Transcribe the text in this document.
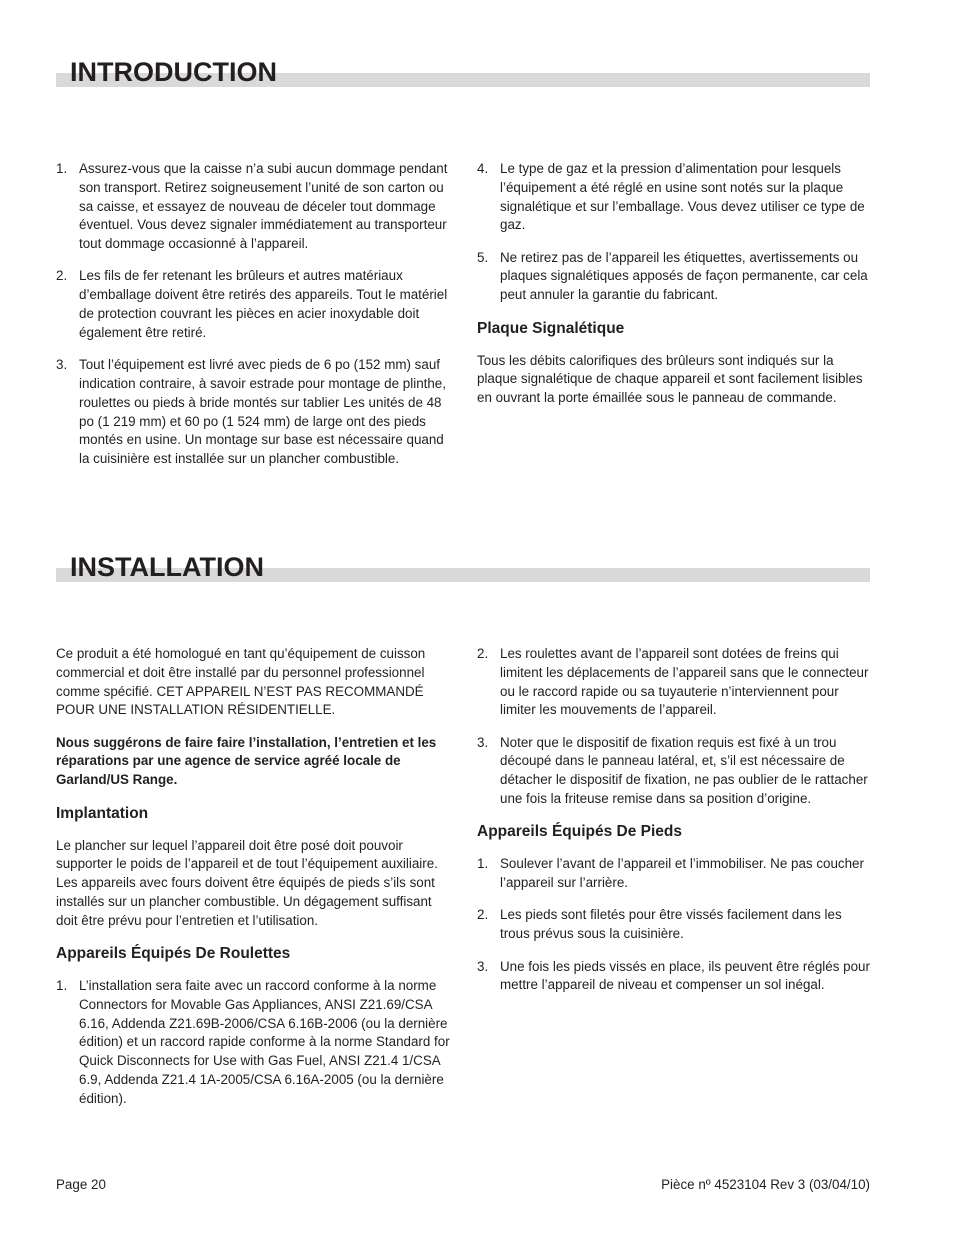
INTRODUCTION
1. Assurez-vous que la caisse n’a subi aucun dommage pendant son transport. Retirez soigneusement l’unité de son carton ou sa caisse, et essayez de nouveau de déceler tout dommage éventuel. Vous devez signaler immédiatement au transporteur tout dommage occasionné à l’appareil.
2. Les fils de fer retenant les brûleurs et autres matériaux d’emballage doivent être retirés des appareils. Tout le matériel de protection couvrant les pièces en acier inoxydable doit également être retiré.
3. Tout l’équipement est livré avec pieds de 6 po (152 mm) sauf indication contraire, à savoir estrade pour montage de plinthe, roulettes ou pieds à bride montés sur tablier Les unités de 48 po (1 219 mm) et 60 po (1 524 mm) de large ont des pieds montés en usine. Un montage sur base est nécessaire quand la cuisinière est installée sur un plancher combustible.
4. Le type de gaz et la pression d’alimentation pour lesquels l’équipement a été réglé en usine sont notés sur la plaque signalétique et sur l’emballage. Vous devez utiliser ce type de gaz.
5. Ne retirez pas de l’appareil les étiquettes, avertissements ou plaques signalétiques apposés de façon permanente, car cela peut annuler la garantie du fabricant.
Plaque Signalétique

Tous les débits calorifiques des brûleurs sont indiqués sur la plaque signalétique de chaque appareil et sont facilement lisibles en ouvrant la porte émaillée sous le panneau de commande.

INSTALLATION

Ce produit a été homologué en tant qu’équipement de cuisson commercial et doit être installé par du personnel professionnel comme spécifié. CET APPAREIL N’EST PAS RECOMMANDÉ POUR UNE INSTALLATION RÉSIDENTIELLE.

Nous suggérons de faire faire l’installation, l’entretien et les réparations par une agence de service agréé locale de Garland/US Range.

Implantation

Le plancher sur lequel l’appareil doit être posé doit pouvoir supporter le poids de l’appareil et de tout l’équipement auxiliaire. Les appareils avec fours doivent être équipés de pieds s’ils sont installés sur un plancher combustible. Un dégagement suffisant doit être prévu pour l’entretien et l’utilisation.

Appareils Équipés De Roulettes
1. L’installation sera faite avec un raccord conforme à la norme Connectors for Movable Gas Appliances, ANSI Z21.69/CSA 6.16, Addenda Z21.69B-2006/CSA 6.16B-2006 (ou la dernière édition) et un raccord rapide conforme à la norme Standard for Quick Disconnects for Use with Gas Fuel, ANSI Z21.4 1/CSA 6.9, Addenda Z21.4 1A-2005/CSA 6.16A-2005 (ou la dernière édition).
2. Les roulettes avant de l’appareil sont dotées de freins qui limitent les déplacements de l’appareil sans que le connecteur ou le raccord rapide ou sa tuyauterie n’interviennent pour limiter les mouvements de l’appareil.
3. Noter que le dispositif de fixation requis est fixé à un trou découpé dans le panneau latéral, et, s’il est nécessaire de détacher le dispositif de fixation, ne pas oublier de le rattacher une fois la friteuse remise dans sa position d’origine.
Appareils Équipés De Pieds
1. Soulever l’avant de l’appareil et l’immobiliser. Ne pas coucher l’appareil sur l’arrière.
2. Les pieds sont filetés pour être vissés facilement dans les trous prévus sous la cuisinière.
3. Une fois les pieds vissés en place, ils peuvent être réglés pour mettre l’appareil de niveau et compenser un sol inégal.
Page 20	Pièce nº 4523104 Rev 3 (03/04/10)
